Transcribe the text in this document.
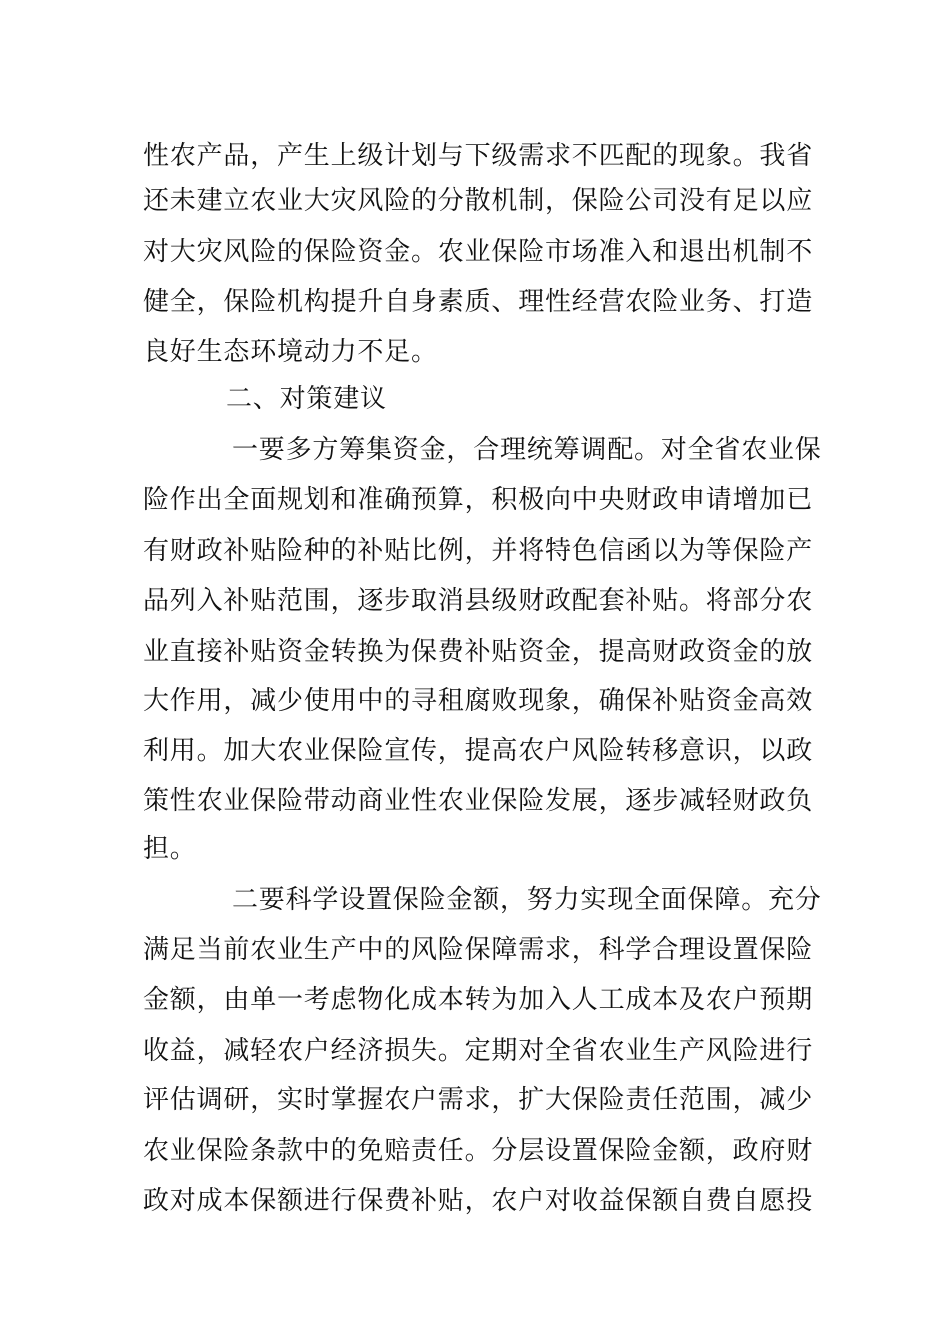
性农产品，产生上级计划与下级需求不匹配的现象。我省
还未建立农业大灾风险的分散机制，保险公司没有足以应
对大灾风险的保险资金。农业保险市场准入和退出机制不
健全，保险机构提升自身素质、理性经营农险业务、打造
良好生态环境动力不足。
二、对策建议
一要多方筹集资金，合理统筹调配。对全省农业保
险作出全面规划和准确预算，积极向中央财政申请增加已
有财政补贴险种的补贴比例，并将特色信函以为等保险产
品列入补贴范围，逐步取消县级财政配套补贴。将部分农
业直接补贴资金转换为保费补贴资金，提高财政资金的放
大作用，减少使用中的寻租腐败现象，确保补贴资金高效
利用。加大农业保险宣传，提高农户风险转移意识，以政
策性农业保险带动商业性农业保险发展，逐步减轻财政负
担。
二要科学设置保险金额，努力实现全面保障。充分
满足当前农业生产中的风险保障需求，科学合理设置保险
金额，由单一考虑物化成本转为加入人工成本及农户预期
收益，减轻农户经济损失。定期对全省农业生产风险进行
评估调研，实时掌握农户需求，扩大保险责任范围，减少
农业保险条款中的免赔责任。分层设置保险金额，政府财
政对成本保额进行保费补贴，农户对收益保额自费自愿投
